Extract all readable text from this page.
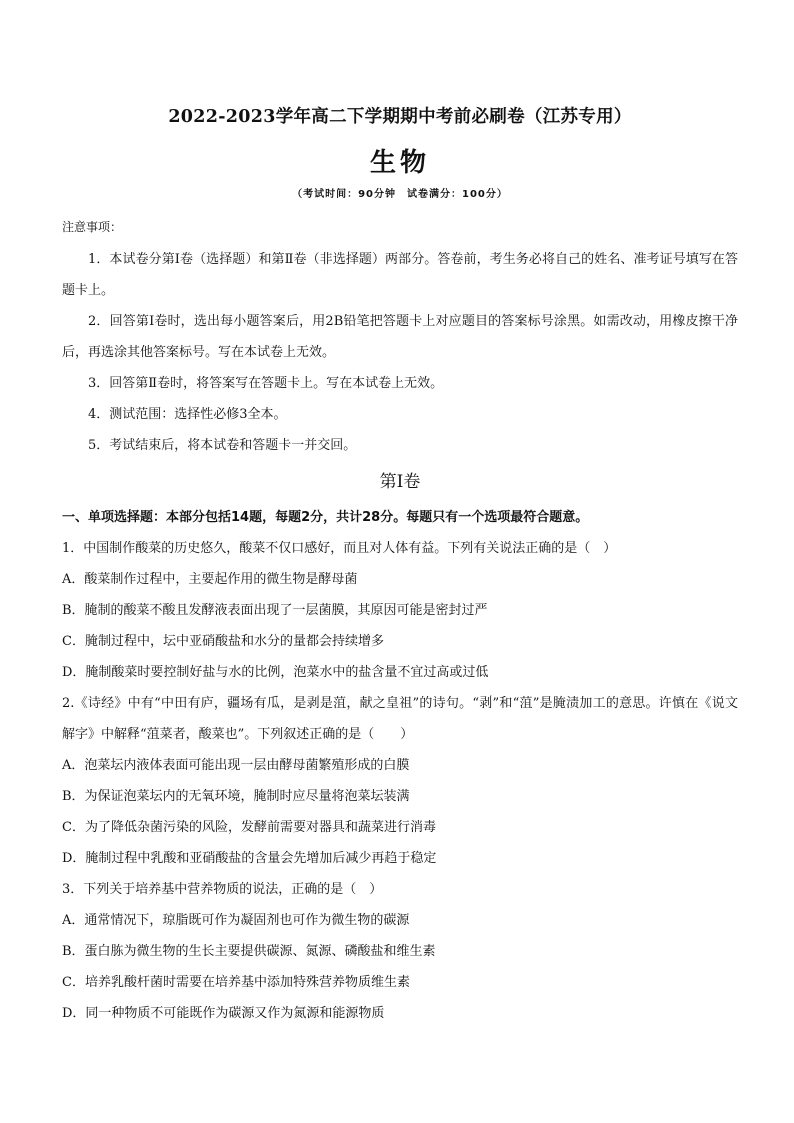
2022-2023学年高二下学期期中考前必刷卷（江苏专用）
生物
（考试时间：90分钟　试卷满分：100分）
注意事项：
1．本试卷分第Ⅰ卷（选择题）和第Ⅱ卷（非选择题）两部分。答卷前，考生务必将自己的姓名、准考证号填写在答题卡上。
2．回答第Ⅰ卷时，选出每小题答案后，用2B铅笔把答题卡上对应题目的答案标号涂黑。如需改动，用橡皮擦干净后，再选涂其他答案标号。写在本试卷上无效。
3．回答第Ⅱ卷时，将答案写在答题卡上。写在本试卷上无效。
4．测试范围：选择性必修3全本。
5．考试结束后，将本试卷和答题卡一并交回。
第Ⅰ卷
一、单项选择题：本部分包括14题，每题2分，共计28分。每题只有一个选项最符合题意。
1．中国制作酸菜的历史悠久，酸菜不仅口感好，而且对人体有益。下列有关说法正确的是（　）
A．酸菜制作过程中，主要起作用的微生物是酵母菌
B．腌制的酸菜不酸且发酵液表面出现了一层菌膜，其原因可能是密封过严
C．腌制过程中，坛中亚硝酸盐和水分的量都会持续增多
D．腌制酸菜时要控制好盐与水的比例，泡菜水中的盐含量不宜过高或过低
2.《诗经》中有“中田有庐，疆场有瓜，是剥是菹，献之皇祖”的诗句。“剥”和“菹”是腌渍加工的意思。许慎在《说文解字》中解释“菹菜者，酸菜也”。下列叙述正确的是（　　）
A．泡菜坛内液体表面可能出现一层由酵母菌繁殖形成的白膜
B．为保证泡菜坛内的无氧环境，腌制时应尽量将泡菜坛装满
C．为了降低杂菌污染的风险，发酵前需要对器具和蔬菜进行消毒
D．腌制过程中乳酸和亚硝酸盐的含量会先增加后减少再趋于稳定
3．下列关于培养基中营养物质的说法，正确的是（　）
A．通常情况下，琼脂既可作为凝固剂也可作为微生物的碳源
B．蛋白胨为微生物的生长主要提供碳源、氮源、磷酸盐和维生素
C．培养乳酸杆菌时需要在培养基中添加特殊营养物质维生素
D．同一种物质不可能既作为碳源又作为氮源和能源物质
